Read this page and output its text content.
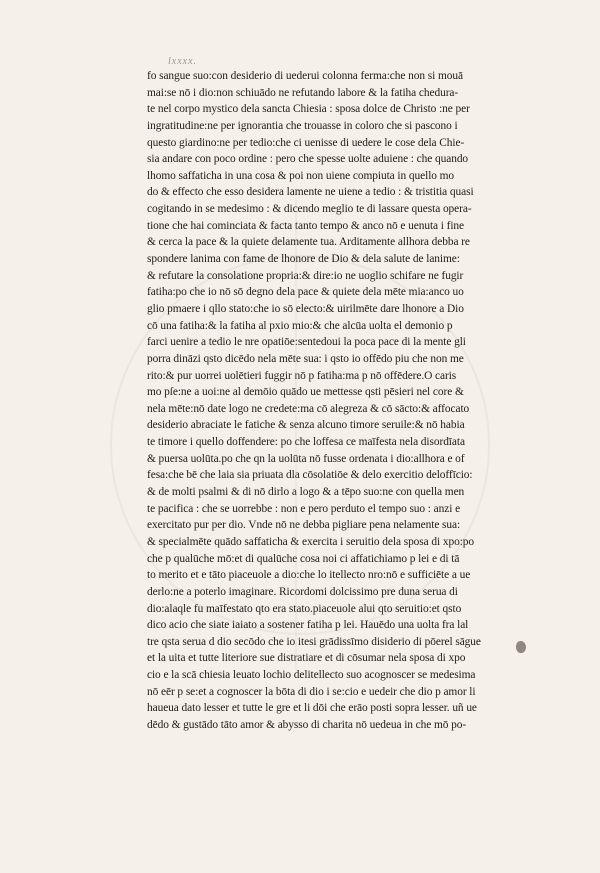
lxxxx.
fo sangue suo:con desiderio di uederui colonna ferma:che non si mouā
mai:se nō i dio:non schiuādo ne refutando labore & la fatiha chedura-
te nel corpo mystico dela sancta Chiesia : sposa dolce de Christo :ne per
ingratitudine:ne per ignorantia che trouasse in coloro che si pascono i
questo giardino:ne per tedio:che ci uenisse di uedere le cose dela Chie-
sia andare con poco ordine : pero che spesse uolte aduiene : che quando
lhomo saffaticha in una cosa & poi non uiene compiuta in quello mo
do & effecto che esso desidera lamente ne uiene a tedio : & tristitia quasi
cogitando in se medesimo : & dicendo meglio te di lassare questa opera-
tione che hai cominciata & facta tanto tempo & anco nō e uenuta i fine
& cerca la pace & la quiete delamente tua. Arditamente allhora debba re
spondere lanima con fame de lhonore de Dio & dela salute de lanime:
& refutare la consolatione propria:& dire:io ne uoglio schifare ne fugir
fatiha:po che io nō sō degno dela pace & quiete dela mēte mia:anco uo
glio pmaere i qllo stato:che io sō electo:& uirilmēte dare lhonore a Dio
cō una fatiha:& la fatiha al pxio mio:& che alcūa uolta el demonio p
farci uenire a tedio le nre opatiōe:sentedoui la poca pace di la mente gli
porra dināzi qsto dicēdo nela mēte sua: i qsto io offēdo piu che non me
rito:& pur uorrei uolētieri fuggir nō p fatiha:ma p nō offēdere.O caris
mo pſe:ne a uoi:ne al demōio quādo ue mettesse qsti pēsieri nel core &
nela mēte:nō date logo ne credete:ma cō alegreza & cō sācto:& affocato
desiderio abraciate le fatiche & senza alcuno timore seruile:& nō habia
te timore i quello doffendere: po che loffesa ce maīfesta nela disordīata
& puersa uolūta.po che qn la uolūta nō fusse ordenata i dio:allhora e of
fesa:che bē che laia sia priuata dla cōsolatiōe & delo exercitio deloffīcio:
& de molti psalmi & di nō dirlo a logo & a tēpo suo:ne con quella men
te pacifica : che se uorrebbe : non e pero perduto el tempo suo : anzi e
exercitato pur per dio. Vnde nō ne debba pigliare pena nelamente sua:
& specialmēte quādo saffaticha & exercita i seruitio dela sposa di xpo:po
che p qualūche mō:et di qualūche cosa noi ci affatichiamo p lei e di tā
to merito et e tāto piaceuole a dio:che lo itellecto nro:nō e sufficiēte a ue
derlo:ne a poterlo imaginare. Ricordomi dolcissimo pre duna serua di
dio:alaqle fu maīfestato qto era stato.piaceuole alui qto seruitio:et qsto
dico acio che siate iaiato a sostener fatiha p lei. Hauēdo una uolta fra lal
tre qsta serua d dio secōdo che io itesi grādissīmo disiderio di pōerel sāgue
et la uita et tutte literiore sue distratiare et di cōsumar nela sposa di xpo
cio e la scā chiesia leuato lochio delitellecto suo acognoscer se medesima
nō eēr p se:et a cognoscer la bōta di dio i se:cio e uedeir che dio p amor li
haueua dato lesser et tutte le gre et li dōi che erāo posti sopra lesser. uñ ue
dēdo & gustādo tāto amor & abysso di charita nō uedeua in che mō po-
